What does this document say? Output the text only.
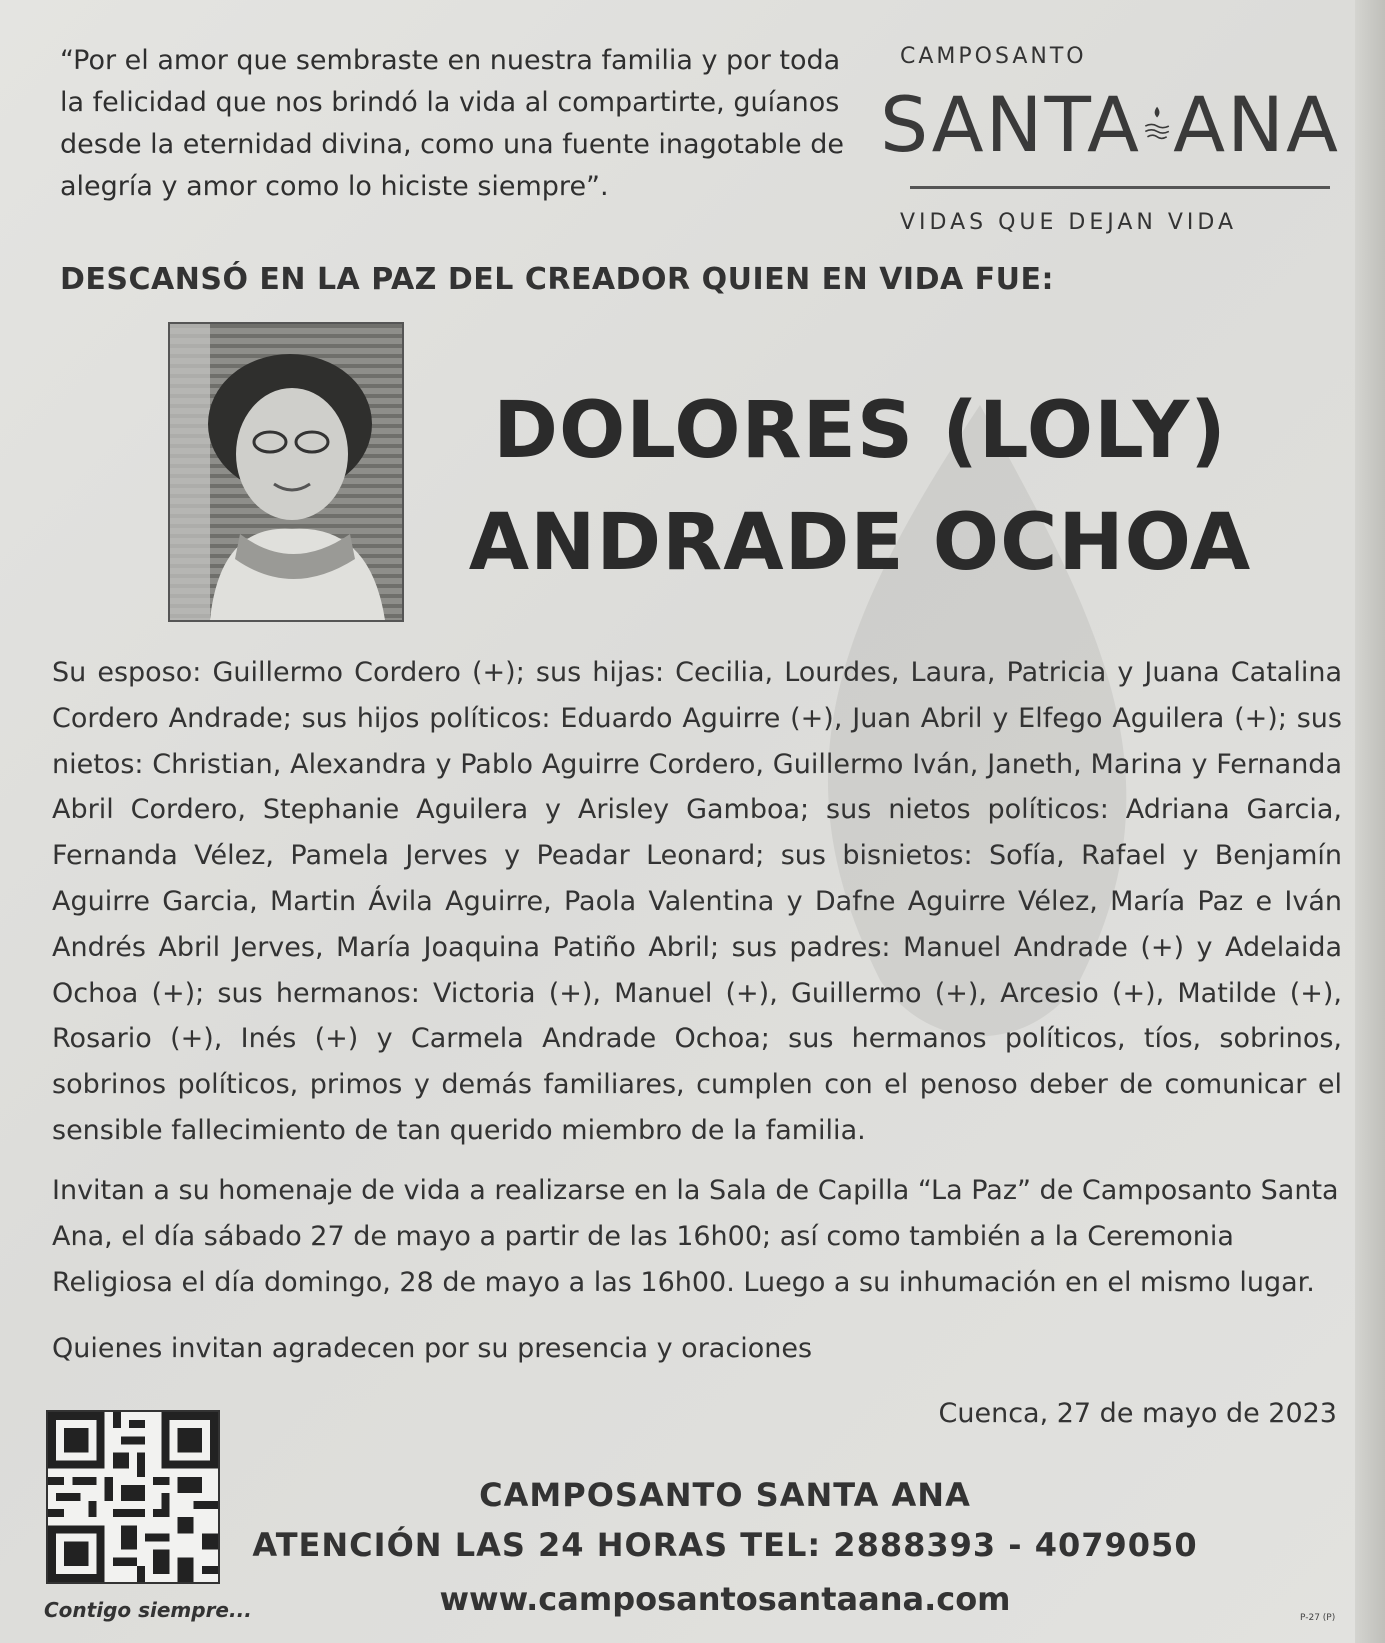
“Por el amor que sembraste en nuestra familia y por toda la felicidad que nos brindó la vida al compartirte, guíanos desde la eternidad divina, como una fuente inagotable de alegría y amor como lo hiciste siempre”.
CAMPOSANTO
SANTA ANA
VIDAS QUE DEJAN VIDA
DESCANSÓ EN LA PAZ DEL CREADOR QUIEN EN VIDA FUE:
DOLORES (LOLY)
ANDRADE OCHOA
Su esposo: Guillermo Cordero (+); sus hijas: Cecilia, Lourdes, Laura, Patricia y Juana Catalina Cordero Andrade; sus hijos políticos: Eduardo Aguirre (+), Juan Abril y Elfego Aguilera (+); sus nietos: Christian, Alexandra y Pablo Aguirre Cordero, Guillermo Iván, Janeth, Marina y Fernanda Abril Cordero, Stephanie Aguilera y Arisley Gamboa; sus nietos políticos: Adriana Garcia, Fernanda Vélez, Pamela Jerves y Peadar Leonard; sus bisnietos: Sofía, Rafael y Benjamín Aguirre Garcia, Martin Ávila Aguirre, Paola Valentina y Dafne Aguirre Vélez, María Paz e Iván Andrés Abril Jerves, María Joaquina Patiño Abril; sus padres: Manuel Andrade (+) y Adelaida Ochoa (+); sus hermanos: Victoria (+), Manuel (+), Guillermo (+), Arcesio (+), Matilde (+), Rosario (+), Inés (+) y Carmela Andrade Ochoa; sus hermanos políticos, tíos, sobrinos, sobrinos políticos, primos y demás familiares, cumplen con el penoso deber de comunicar el sensible fallecimiento de tan querido miembro de la familia.
Invitan a su homenaje de vida a realizarse en la Sala de Capilla “La Paz” de Camposanto Santa Ana, el día sábado 27 de mayo a partir de las 16h00; así como también a la Ceremonia Religiosa el día domingo, 28 de mayo a las 16h00. Luego a su inhumación en el mismo lugar.
Quienes invitan agradecen por su presencia y oraciones
Cuenca, 27 de mayo de 2023
Contigo siempre...
CAMPOSANTO SANTA ANA
ATENCIÓN LAS 24 HORAS TEL: 2888393 - 4079050
www.camposantosantaana.com	P-27 (P)
